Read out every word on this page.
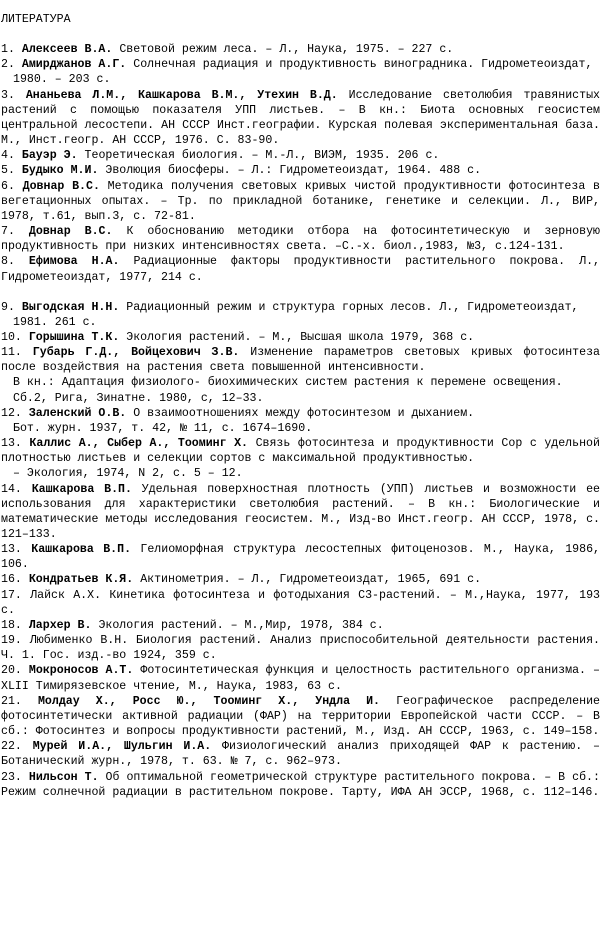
ЛИТЕРАТУРА
1. Алексеев В.А. Световой режим леса. – Л., Наука, 1975. – 227 с.
2. Амирджанов А.Г. Солнечная радиация и продуктивность виноградника. Гидрометеоиздат, 1980. – 203 с.
3. Ананьева Л.М., Кашкарова В.М., Утехин В.Д. Исследование светолюбия травянистых растений с помощью показателя УПП листьев. – В кн.: Биота основных геосистем центральной лесостепи. АН СССР Инст.географии. Курская полевая экспериментальная база. М., Инст.геогр. АН СССР, 1976. С. 83-90.
4. Бауэр Э. Теоретическая биология. – М.-Л., ВИЭМ, 1935. 206 с.
5. Будыко М.И. Эволюция биосферы. – Л.: Гидрометеоиздат, 1964. 488 с.
6. Довнар В.С. Методика получения световых кривых чистой продуктивности фотосинтеза в вегетационных опытах. – Тр. по прикладной ботанике, генетике и селекции. Л., ВИР, 1978, т.61, вып.3, с. 72-81.
7. Довнар В.С. К обоснованию методики отбора на фотосинтетическую и зерновую продуктивность при низких интенсивностях света. –С.-х. биол.,1983, №3, с.124-131.
8. Ефимова Н.А. Радиационные факторы продуктивности растительного покрова. Л., Гидрометеоиздат, 1977, 214 с.
9. Выгодская Н.Н. Радиационный режим и структура горных лесов. Л., Гидрометеоиздат, 1981. 261 с.
10. Горышина Т.К. Экология растений. – М., Высшая школа 1979, 368 с.
11. Губарь Г.Д., Войцехович З.В. Изменение параметров световых кривых фотосинтеза после воздействия на растения света повышенной интенсивности.
В кн.: Адаптация физиолого- биохимических систем растения к перемене освещения. Сб.2, Рига, Зинатне. 1980, с, 12–33.
12. Заленский О.В. О взаимоотношениях между фотосинтезом и дыханием.
Бот. журн. 1937, т. 42, № 11, с. 1674–1690.
13. Каллис А., Сыбер А., Тооминг Х. Связь фотосинтеза и продуктивности Сор с удельной плотностью листьев и селекции сортов с максимальной продуктивностью.
– Экология, 1974, N 2, с. 5 – 12.
14. Кашкарова В.П. Удельная поверхностная плотность (УПП) листьев и возможности ее использования для характеристики светолюбия растений. – В кн.: Биологические и математические методы исследования геосистем. М., Изд-во Инст.геогр. АН СССР, 1978, с. 121–133.
13. Кашкарова В.П. Гелиоморфная структура лесостепных фитоценозов. М., Наука, 1986, 106.
16. Кондратьев К.Я. Актинометрия. – Л., Гидрометеоиздат, 1965, 691 с.
17. Лайск А.Х. Кинетика фотосинтеза и фотодыхания С3-растений. – М.,Наука, 1977, 193 с.
18. Лархер В. Экология растений. – М.,Мир, 1978, 384 с.
19. Любименко В.Н. Биология растений. Анализ приспособительной деятельности растения. Ч. 1. Гос. изд.-во 1924, 359 с.
20. Мокроносов А.Т. Фотосинтетическая функция и целостность растительного организма. – XLII Тимирязевское чтение, М., Наука, 1983, 63 с.
21. Молдау Х., Росс Ю., Тооминг Х., Ундла И. Географическое распределение фотосинтетически активной радиации (ФАР) на территории Европейской части СССР. – В сб.: Фотосинтез и вопросы продуктивности растений, М., Изд. АН СССР, 1963, с. 149–158.
22. Мурей И.А., Шульгин И.А. Физиологический анализ приходящей ФАР к растению. – Ботанический журн., 1978, т. 63. № 7, с. 962–973.
23. Нильсон Т. Об оптимальной геометрической структуре растительного покрова. – В сб.: Режим солнечной радиации в растительном покрове. Тарту, ИФА АН ЭССР, 1968, с. 112–146.
